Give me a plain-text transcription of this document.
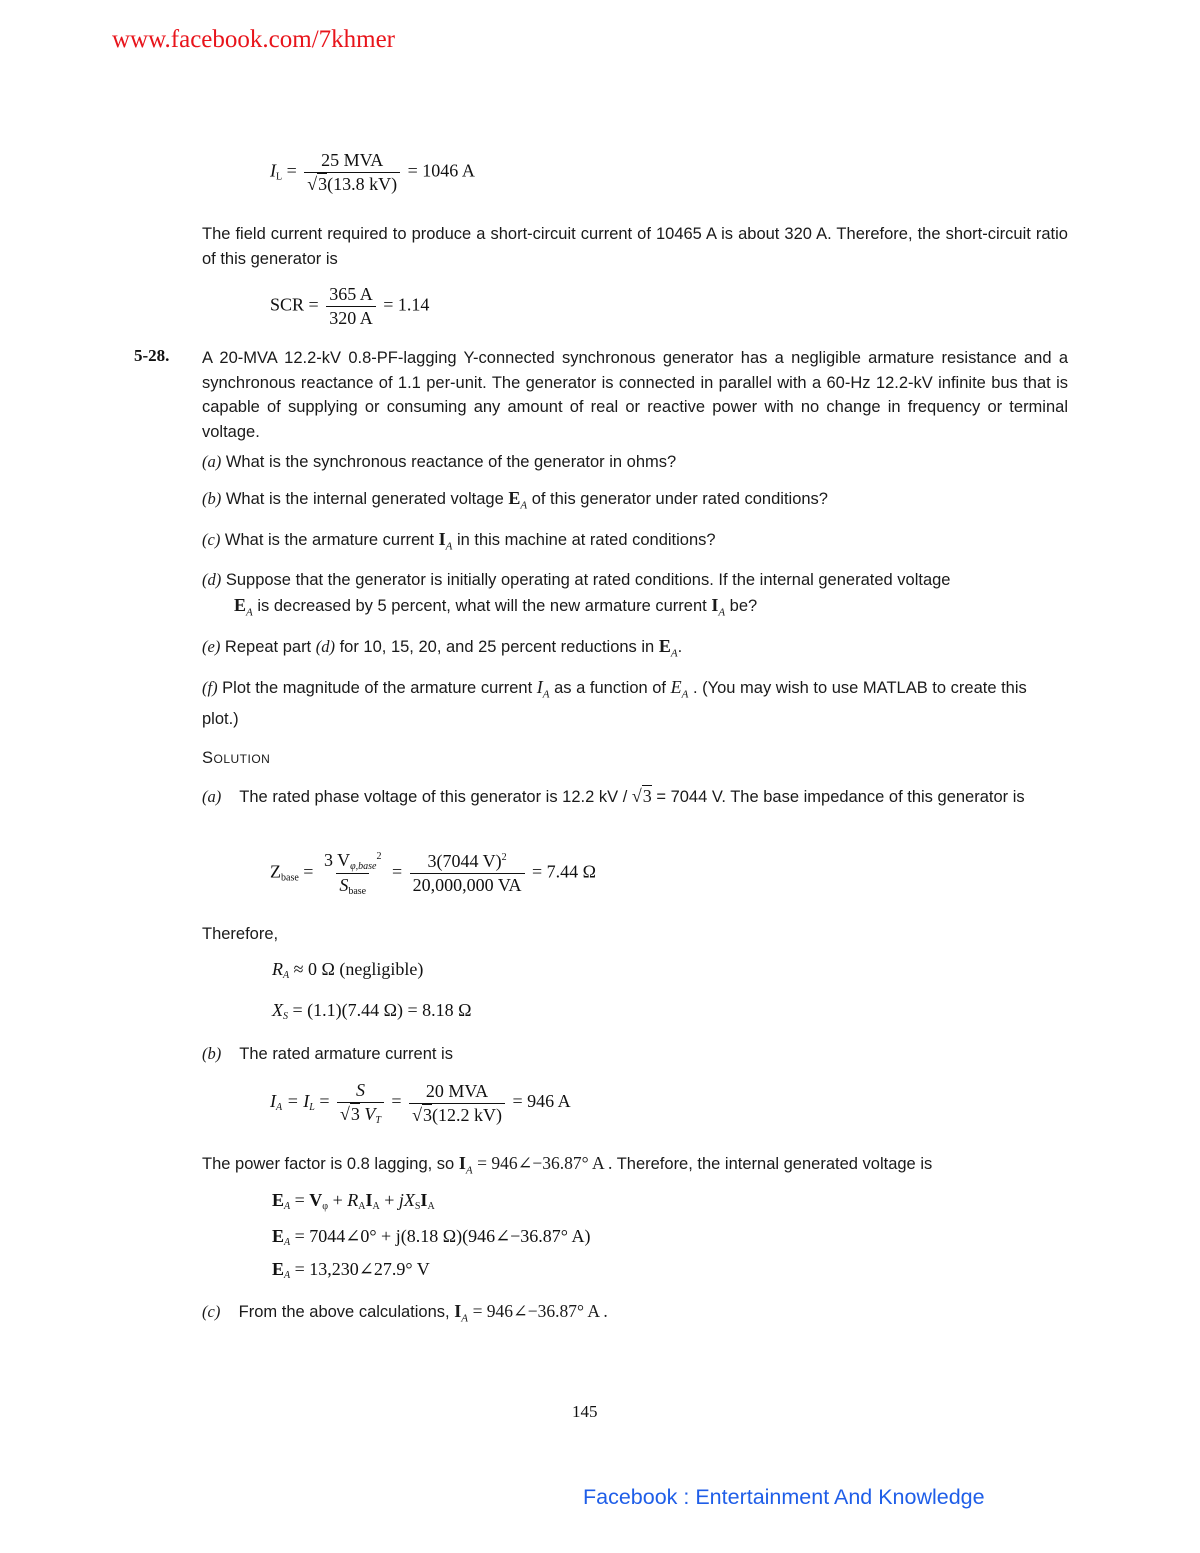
www.facebook.com/7khmer
$I_L = \frac{\text{25 MVA}}{√3(13.8 kV)} = 1046$ A
The field current required to produce a short-circuit current of 10465 A is about 320 A. Therefore, the short-circuit ratio of this generator is
SCR = $\frac{365 A}{320 A} = 1.14$
5-28. A 20-MVA 12.2-kV 0.8-PF-lagging Y-connected synchronous generator has a negligible armature resistance and a synchronous reactance of 1.1 per-unit. The generator is connected in parallel with a 60-Hz 12.2-kV infinite bus that is capable of supplying or consuming any amount of real or reactive power with no change in frequency or terminal voltage.
(a) What is the synchronous reactance of the generator in ohms?
(b) What is the internal generated voltage $E_A$ of this generator under rated conditions?
(c) What is the armature current $I_A$ in this machine at rated conditions?
(d) Suppose that the generator is initially operating at rated conditions. If the internal generated voltage
$E_A$ is decreased by 5 percent, what will the new armature current $I_A$ be?
(e) Repeat part (d) for 10, 15, 20, and 25 percent reductions in $E_A$.
(f) Plot the magnitude of the armature current $I_A$ as a function of $E_A$ . (You may wish to use MATLAB to create this plot.)
Solution
(a) The rated phase voltage of this generator is 12.2 kV / √3 = 7044 V. The base impedance of this generator is
$Z_{base} = \frac{3 V_{\varphi,base}^2}{S_{base}} = \frac{3(7044 V)^2}{20,000,000 VA} = 7.44$ Ω
Therefore,
$R_A \approx 0$ Ω (negligible)
$X_S = (1.1)(7.44$ Ω) = 8.18 Ω
(b) The rated armature current is
$I_A = I_L = \frac{S}{√3 V_T} = \frac{\text{20 MVA}}{√3(12.2 kV)} = 946$ A
The power factor is 0.8 lagging, so $I_A$ = 946∠−36.87° A . Therefore, the internal generated voltage is
$E_A = V_\varphi + R_AI_A + jX_SI_A$
$E_A$ = 7044∠0° + j(8.18 Ω)(946∠−36.87° A)
$E_A$ = 13,230∠27.9° V
(c) From the above calculations, $I_A$ = 946∠−36.87° A .
145
Facebook : Entertainment And Knowledge
